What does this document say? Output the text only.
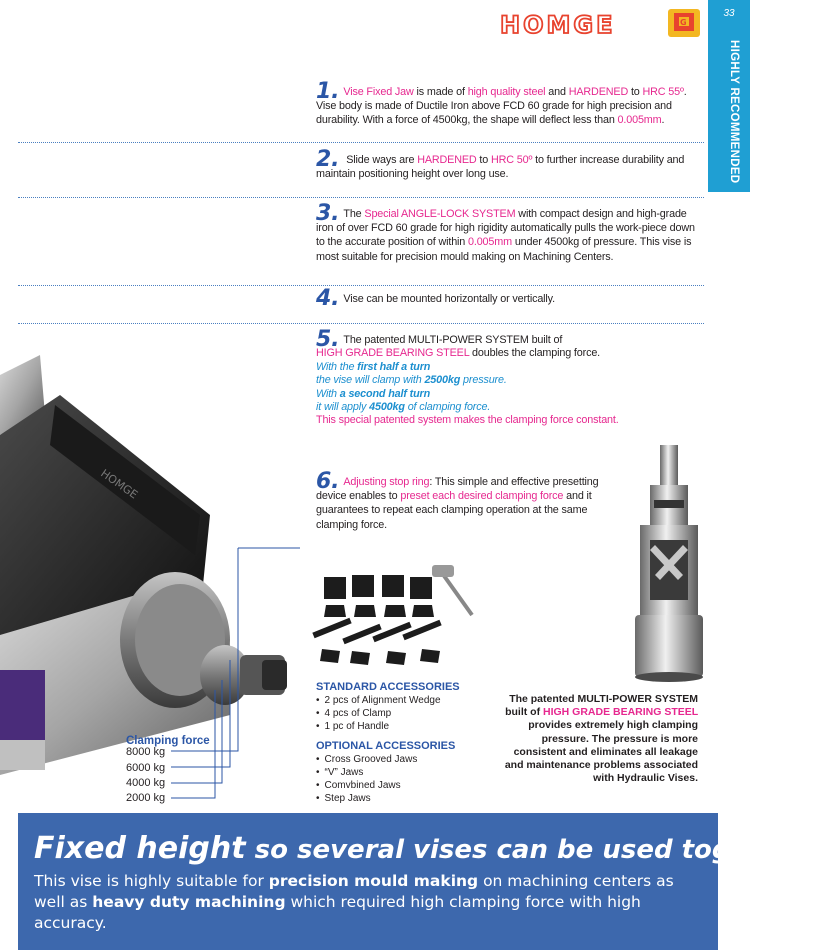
HOMGE	G
33
HIGHLY RECOMMENDED
1. Vise Fixed Jaw is made of high quality steel and HARDENED to HRC 55º. Vise body is made of Ductile Iron above FCD 60 grade for high precision and durability. With a force of 4500kg, the shape will deflect less than 0.005mm.
2. Slide ways are HARDENED to HRC 50º to further increase durability and maintain positioning height over long use.
3. The Special ANGLE-LOCK SYSTEM with compact design and high-grade iron of over FCD 60 grade for high rigidity automatically pulls the work-piece down to the accurate position of within 0.005mm under 4500kg of pressure. This vise is most suitable for precision mould making on Machining Centers.
4. Vise can be mounted horizontally or vertically.
5. The patented MULTI-POWER SYSTEM built of
HIGH GRADE BEARING STEEL doubles the clamping force.
With the first half a turn
the vise will clamp with 2500kg pressure.
With a second half turn
it will apply 4500kg of clamping force.
This special patented system makes the clamping force constant.
6. Adjusting stop ring: This simple and effective presetting device enables to preset each desired clamping force and it guarantees to repeat each clamping operation at the same clamping force.
HOMGE
Clamping force
8000 kg
6000 kg
4000 kg
2000 kg
STANDARD ACCESSORIES
• 2 pcs of Alignment Wedge
• 4 pcs of Clamp
• 1 pc of Handle
OPTIONAL ACCESSORIES
• Cross Grooved Jaws
• “V” Jaws
• Comvbined Jaws
• Step Jaws
The patented MULTI-POWER SYSTEM built of HIGH GRADE BEARING STEEL provides extremely high clamping pressure. The pressure is more consistent and eliminates all leakage and maintenance problems associated with Hydraulic Vises.
Fixed height so several vises can be used together.
This vise is highly suitable for precision mould making on machining centers as well as heavy duty machining which required high clamping force with high accuracy.
